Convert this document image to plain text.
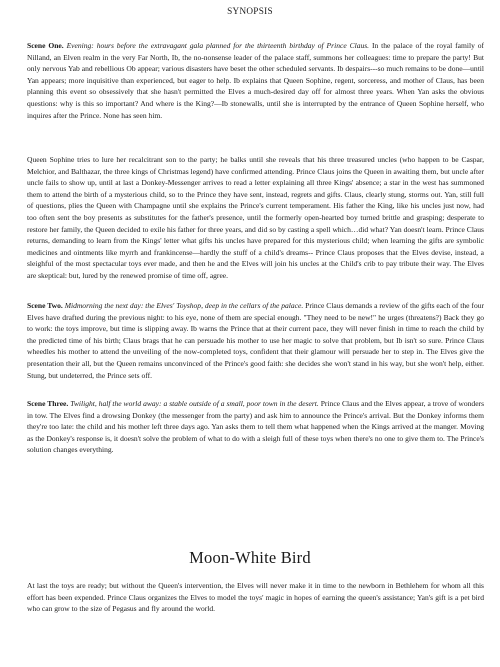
SYNOPSIS

Scene One. Evening: hours before the extravagant gala planned for the thirteenth birthday of Prince Claus. In the palace of the royal family of Nilland, an Elven realm in the very Far North, Ib, the no-nonsense leader of the palace staff, summons her colleagues: time to prepare the party! But only nervous Yab and rebellious Ob appear; various disasters have beset the other scheduled servants. Ib despairs---so much remains to be done—until Yan appears; more inquisitive than experienced, but eager to help. Ib explains that Queen Sophine, regent, sorceress, and mother of Claus, has been planning this event so obsessively that she hasn't permitted the Elves a much-desired day off for almost three years. When Yan asks the obvious questions: why is this so important? And where is the King?—Ib stonewalls, until she is interrupted by the entrance of Queen Sophine herself, who inquires after the Prince. None has seen him.

Queen Sophine tries to lure her recalcitrant son to the party; he balks until she reveals that his three treasured uncles (who happen to be Caspar, Melchior, and Balthazar, the three kings of Christmas legend) have confirmed attending. Prince Claus joins the Queen in awaiting them, but uncle after uncle fails to show up, until at last a Donkey-Messenger arrives to read a letter explaining all three Kings' absence; a star in the west has summoned them to attend the birth of a mysterious child, so to the Prince they have sent, instead, regrets and gifts. Claus, clearly stung, storms out. Yan, still full of questions, plies the Queen with Champagne until she explains the Prince's current temperament. His father the King, like his uncles just now, had too often sent the boy presents as substitutes for the father's presence, until the formerly open-hearted boy turned brittle and grasping; desperate to restore her family, the Queen decided to exile his father for three years, and did so by casting a spell which…did what? Yan doesn't learn. Prince Claus returns, demanding to learn from the Kings' letter what gifts his uncles have prepared for this mysterious child; when learning the gifts are symbolic medicines and ointments like myrrh and frankincense—hardly the stuff of a child's dreams-- Prince Claus proposes that the Elves devise, instead, a sleighful of the most spectacular toys ever made, and then he and the Elves will join his uncles at the Child's crib to pay tribute their way. The Elves are skeptical: but, lured by the renewed promise of time off, agree.

Scene Two. Midmorning the next day: the Elves' Toyshop, deep in the cellars of the palace. Prince Claus demands a review of the gifts each of the four Elves have drafted during the previous night: to his eye, none of them are special enough. "They need to be new!" he urges (threatens?) Back they go to work: the toys improve, but time is slipping away. Ib warns the Prince that at their current pace, they will never finish in time to reach the child by the predicted time of his birth; Claus brags that he can persuade his mother to use her magic to solve that problem, but Ib isn't so sure. Prince Claus wheedles his mother to attend the unveiling of the now-completed toys, confident that their glamour will persuade her to step in. The Elves give the presentation their all, but the Queen remains unconvinced of the Prince's good faith: she decides she won't stand in his way, but she won't help, either. Stung, but undeterred, the Prince sets off.

Scene Three. Twilight, half the world away: a stable outside of a small, poor town in the desert. Prince Claus and the Elves appear, a trove of wonders in tow. The Elves find a drowsing Donkey (the messenger from the party) and ask him to announce the Prince's arrival. But the Donkey informs them they're too late: the child and his mother left three days ago. Yan asks them to tell them what happened when the Kings arrived at the manger. Moving as the Donkey's response is, it doesn't solve the problem of what to do with a sleigh full of these toys when there's no one to give them to. The Prince's solution changes everything.

Moon-White Bird

At last the toys are ready; but without the Queen's intervention, the Elves will never make it in time to the newborn in Bethlehem for whom all this effort has been expended. Prince Claus organizes the Elves to model the toys' magic in hopes of earning the queen's assistance; Yan's gift is a pet bird who can grow to the size of Pegasus and fly around the world.
